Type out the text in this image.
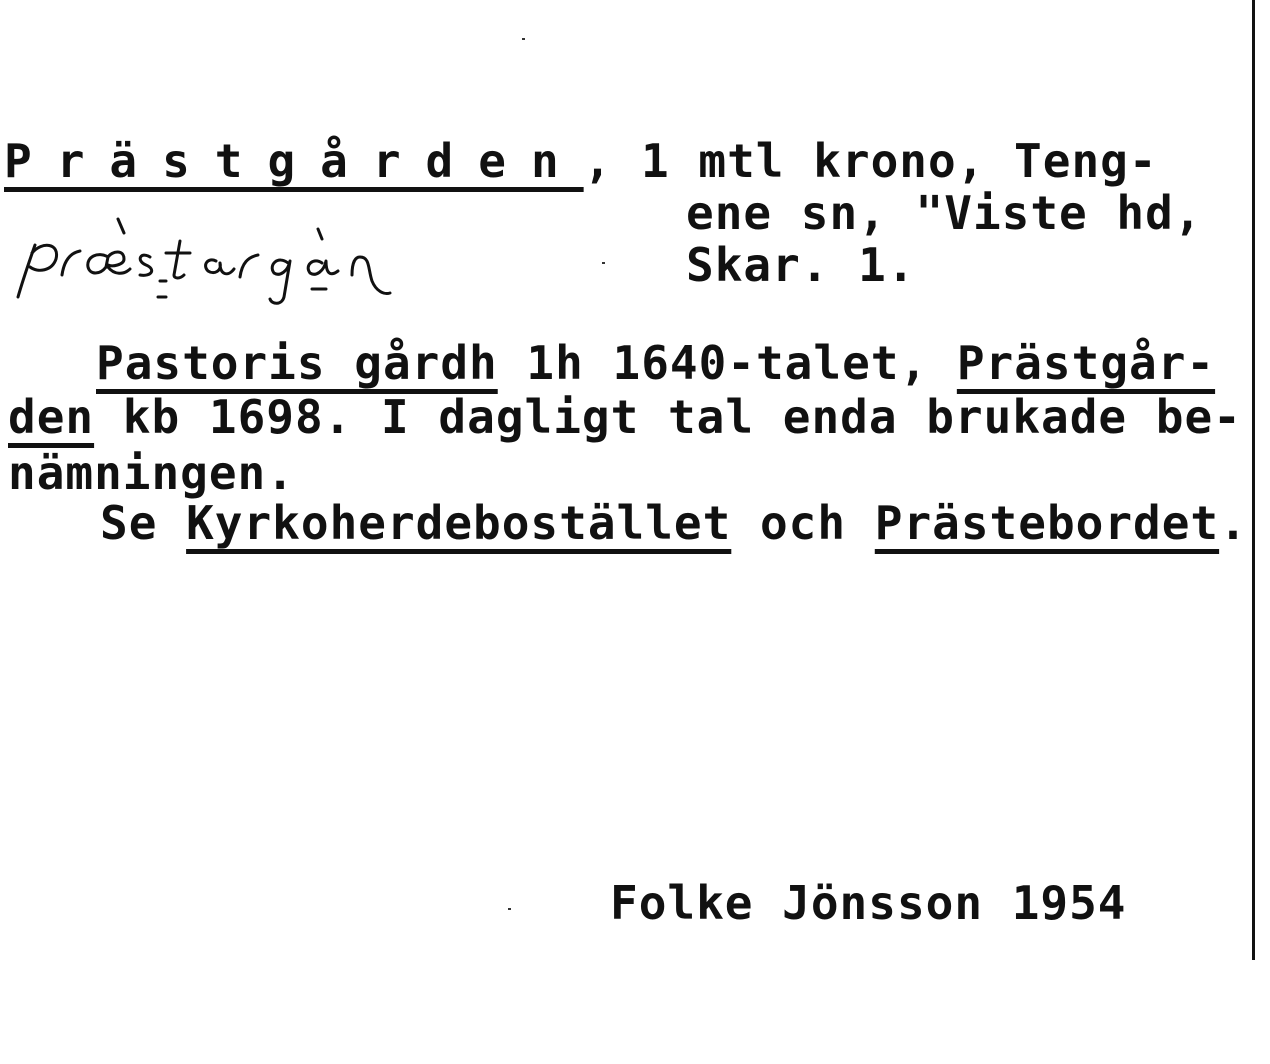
Prästgården, 1 mtl krono, Teng-
ene sn, "Viste hd,
Skar. 1.
Pastoris gårdh 1h 1640-talet, Prästgår-
den kb 1698. I dagligt tal enda brukade be-
nämningen.
Se Kyrkoherdebostället och Prästebordet.
Folke Jönsson 1954
